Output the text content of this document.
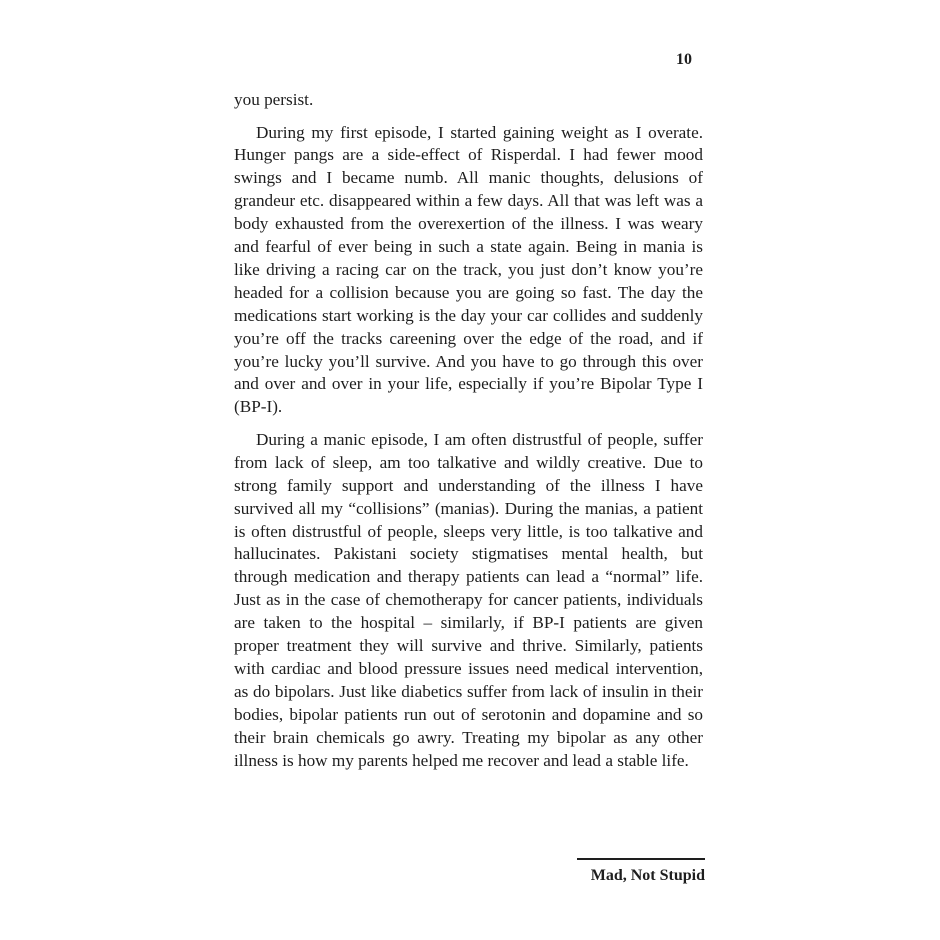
10

you persist.

During my first episode, I started gaining weight as I overate. Hunger pangs are a side-effect of Risperdal. I had fewer mood swings and I became numb. All manic thoughts, delusions of grandeur etc. disappeared within a few days. All that was left was a body exhausted from the overexertion of the illness. I was weary and fearful of ever being in such a state again. Being in mania is like driving a racing car on the track, you just don’t know you’re headed for a collision because you are going so fast. The day the medications start working is the day your car collides and suddenly you’re off the tracks careening over the edge of the road, and if you’re lucky you’ll survive. And you have to go through this over and over and over in your life, especially if you’re Bipolar Type I (BP-I).

During a manic episode, I am often distrustful of people, suffer from lack of sleep, am too talkative and wildly creative. Due to strong family support and understanding of the illness I have survived all my “collisions” (manias). During the manias, a patient is often distrustful of people, sleeps very little, is too talkative and hallucinates. Pakistani society stigmatises mental health, but through medication and therapy patients can lead a “normal” life. Just as in the case of chemotherapy for cancer patients, individuals are taken to the hospital – similarly, if BP-I patients are given proper treatment they will survive and thrive. Similarly, patients with cardiac and blood pressure issues need medical intervention, as do bipolars. Just like diabetics suffer from lack of insulin in their bodies, bipolar patients run out of serotonin and dopamine and so their brain chemicals go awry. Treating my bipolar as any other illness is how my parents helped me recover and lead a stable life.

Mad, Not Stupid
